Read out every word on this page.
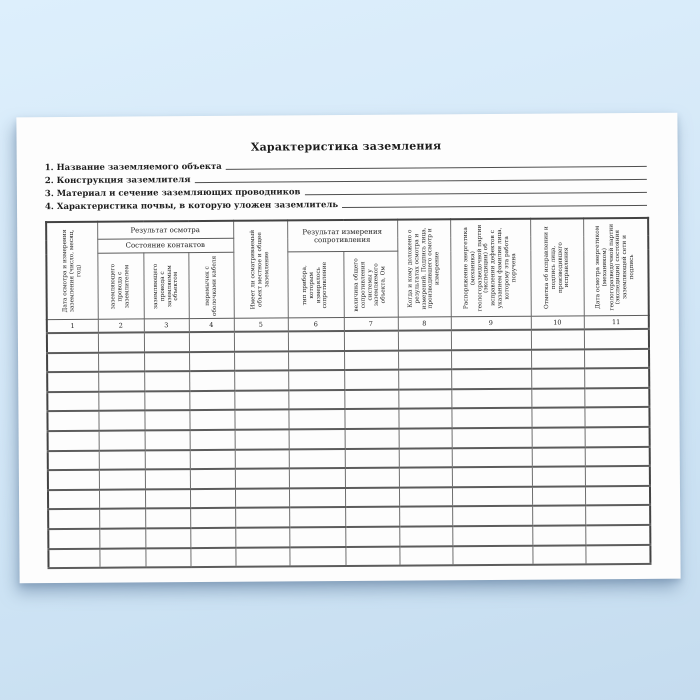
Характеристика заземления
1. Название заземляемого объекта
2. Конструкция заземлителя
3. Материал и сечение заземляющих проводников
4. Характеристика почвы, в которую уложен заземлитель
Дата осмотра и измерения заземления (число, месяц, год)	Результат осмотра			Имеет ли осматриваемый объект местное и общее заземление	Результат измерения сопротивления		Когда и кому доложено о результатах осмотра и измерений. Подпись лица, производившего осмотр и измерение	Распоряжение энергетика (механика) геологоразведочной партии (экспедиции) об исправлении дефектов с указанием фамилии лица, которому эта работа поручена	Отметка об исправлении и подпись лица, производившего исправления	Дата осмотра энергетиком (механиком) геологоразведочной партии (экспедиции) состояния заземляющей сети и подпись

	Состояние контактов									

	заземляющего провода с заземлителем	заземляющего провода с заземляемым объектом	перемычек с оболочками кабеля		тип прибора, которым измерялось сопротивление	величина общего сопротивления системы у заземляемого объекта, Ом				

1	2	3	4	5	6	7	8	9	10	11
